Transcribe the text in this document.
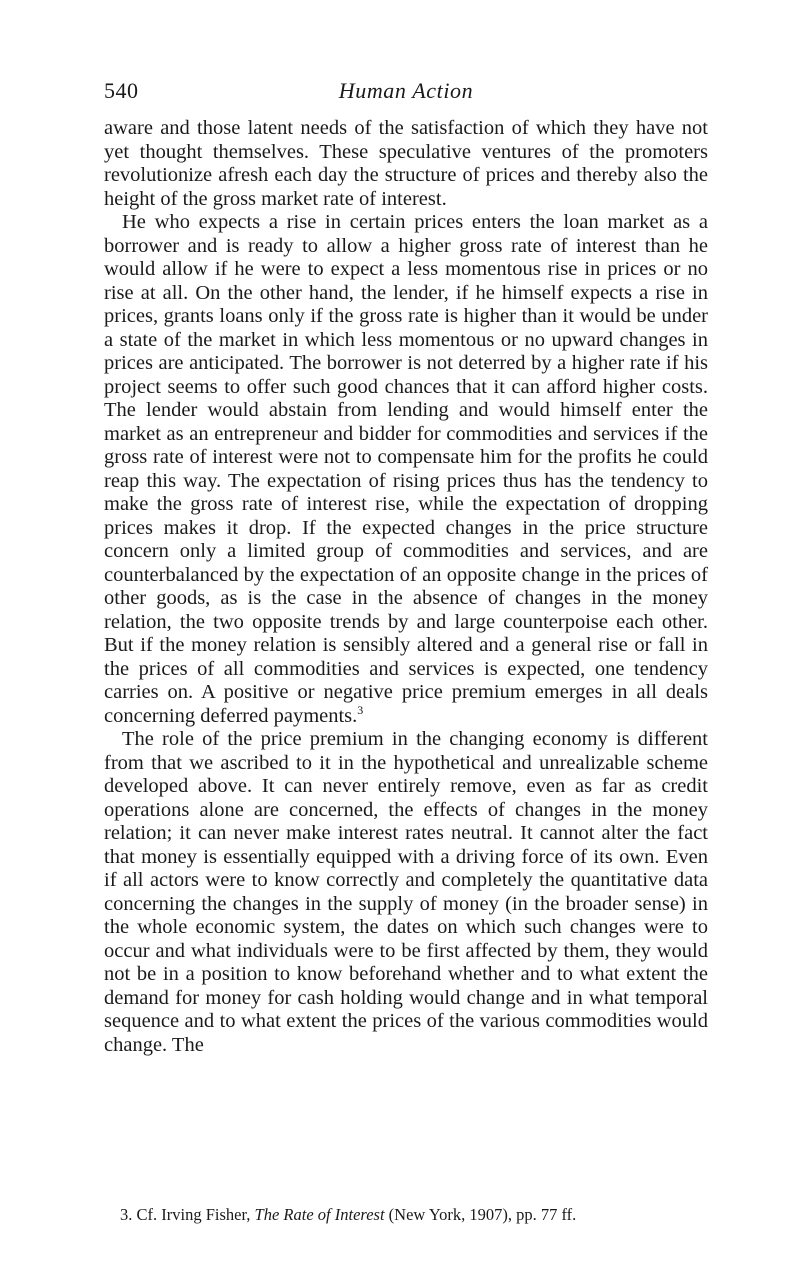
540	Human Action

aware and those latent needs of the satisfaction of which they have not yet thought themselves. These speculative ventures of the promoters revolutionize afresh each day the structure of prices and thereby also the height of the gross market rate of interest.

He who expects a rise in certain prices enters the loan market as a borrower and is ready to allow a higher gross rate of interest than he would allow if he were to expect a less momentous rise in prices or no rise at all. On the other hand, the lender, if he himself expects a rise in prices, grants loans only if the gross rate is higher than it would be under a state of the market in which less momentous or no upward changes in prices are anticipated. The borrower is not deterred by a higher rate if his project seems to offer such good chances that it can afford higher costs. The lender would abstain from lending and would himself enter the market as an entrepreneur and bidder for commodities and services if the gross rate of interest were not to compensate him for the profits he could reap this way. The expectation of rising prices thus has the tendency to make the gross rate of interest rise, while the expectation of dropping prices makes it drop. If the expected changes in the price structure concern only a limited group of commodities and services, and are counterbalanced by the expectation of an opposite change in the prices of other goods, as is the case in the absence of changes in the money relation, the two opposite trends by and large counterpoise each other. But if the money relation is sensibly altered and a general rise or fall in the prices of all commodities and services is expected, one tendency carries on. A positive or negative price premium emerges in all deals concerning deferred payments.$^3$

The role of the price premium in the changing economy is different from that we ascribed to it in the hypothetical and unrealizable scheme developed above. It can never entirely remove, even as far as credit operations alone are concerned, the effects of changes in the money relation; it can never make interest rates neutral. It cannot alter the fact that money is essentially equipped with a driving force of its own. Even if all actors were to know correctly and completely the quantitative data concerning the changes in the supply of money (in the broader sense) in the whole economic system, the dates on which such changes were to occur and what individuals were to be first affected by them, they would not be in a position to know beforehand whether and to what extent the demand for money for cash holding would change and in what temporal sequence and to what extent the prices of the various commodities would change. The

3. Cf. Irving Fisher, The Rate of Interest (New York, 1907), pp. 77 ff.
